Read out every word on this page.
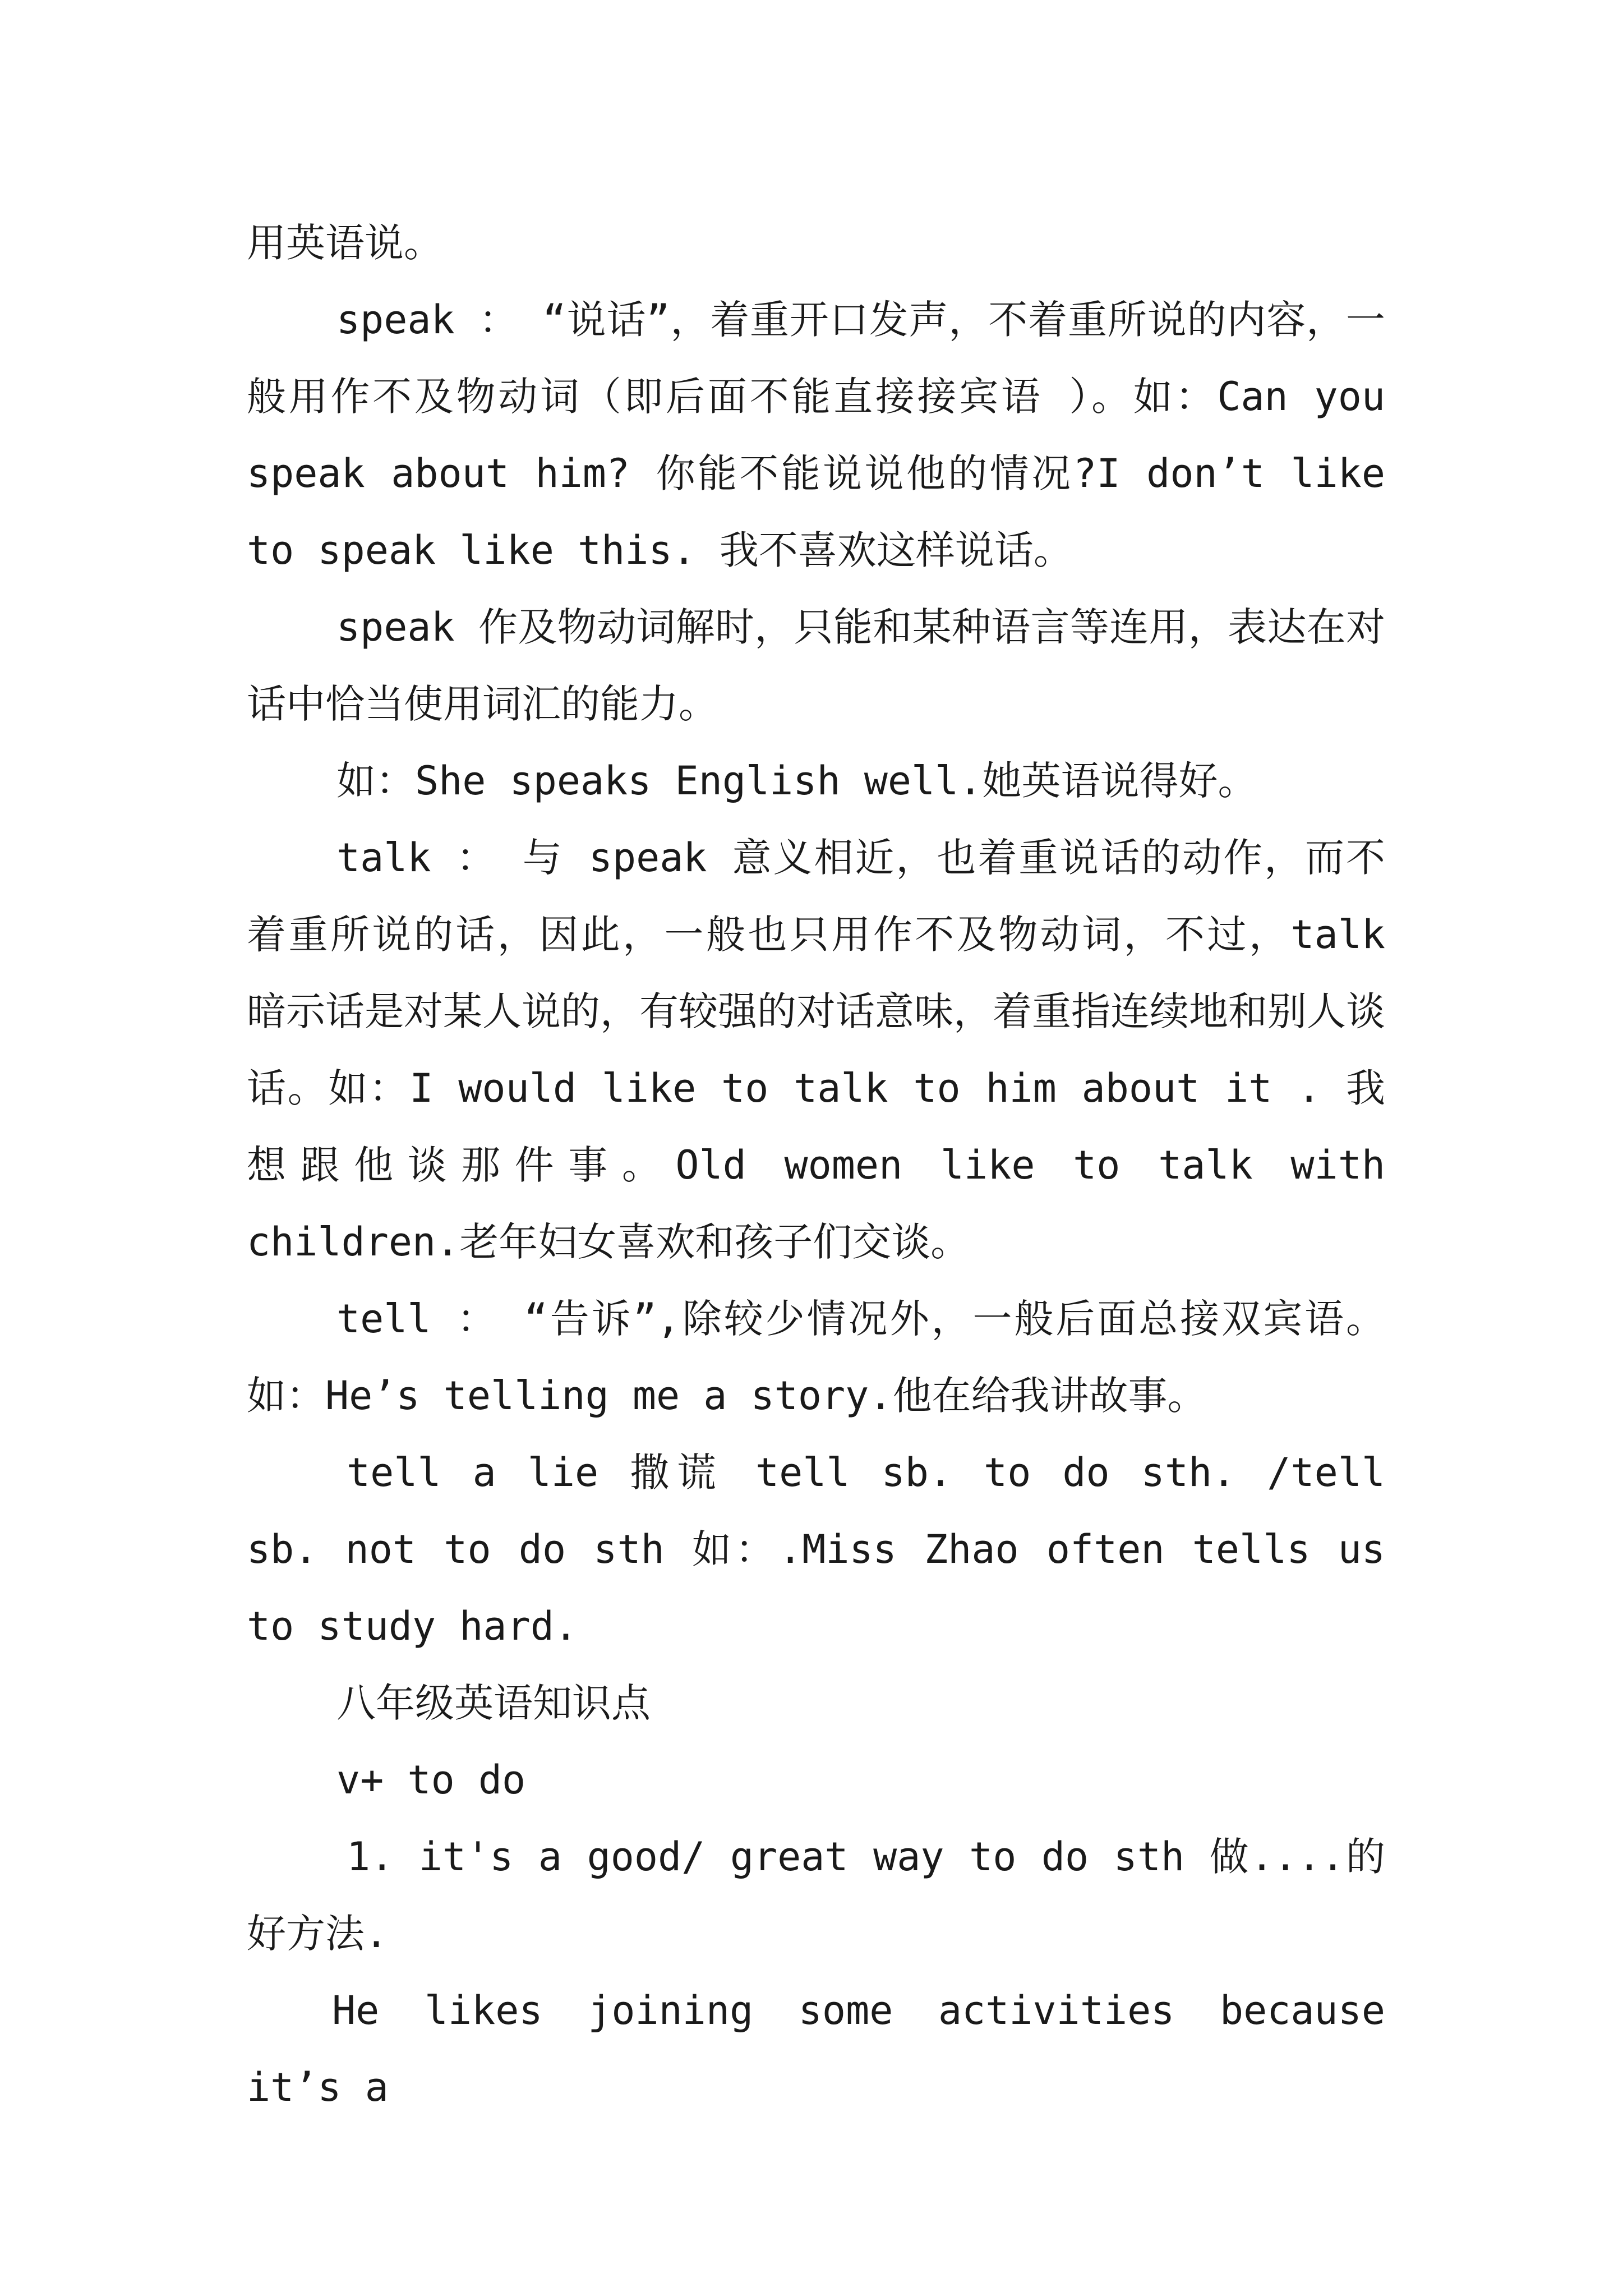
用英语说。

speak ： “说话”，着重开口发声，不着重所说的内容，一般用作不及物动词（即后面不能直接接宾语 ）。如：Can you speak about him? 你能不能说说他的情况?I don’t like to speak like this. 我不喜欢这样说话。

speak 作及物动词解时，只能和某种语言等连用，表达在对话中恰当使用词汇的能力。

如：She speaks English well.她英语说得好。

talk ： 与 speak 意义相近，也着重说话的动作，而不着重所说的话，因此，一般也只用作不及物动词，不过，talk 暗示话是对某人说的，有较强的对话意味，着重指连续地和别人谈话。如：I would like to talk to him about it . 我想跟他谈那件事。Old women like to talk with children.老年妇女喜欢和孩子们交谈。

tell ： “告诉”,除较少情况外，一般后面总接双宾语。如：He’s telling me a story.他在给我讲故事。

tell a lie 撒谎 tell sb. to do sth. /tell sb. not to do sth 如：.Miss Zhao often tells us to study hard.

八年级英语知识点

v+ to do

1. it's a good/ great way to do sth 做....的好方法.

He likes joining some activities because it’s a
